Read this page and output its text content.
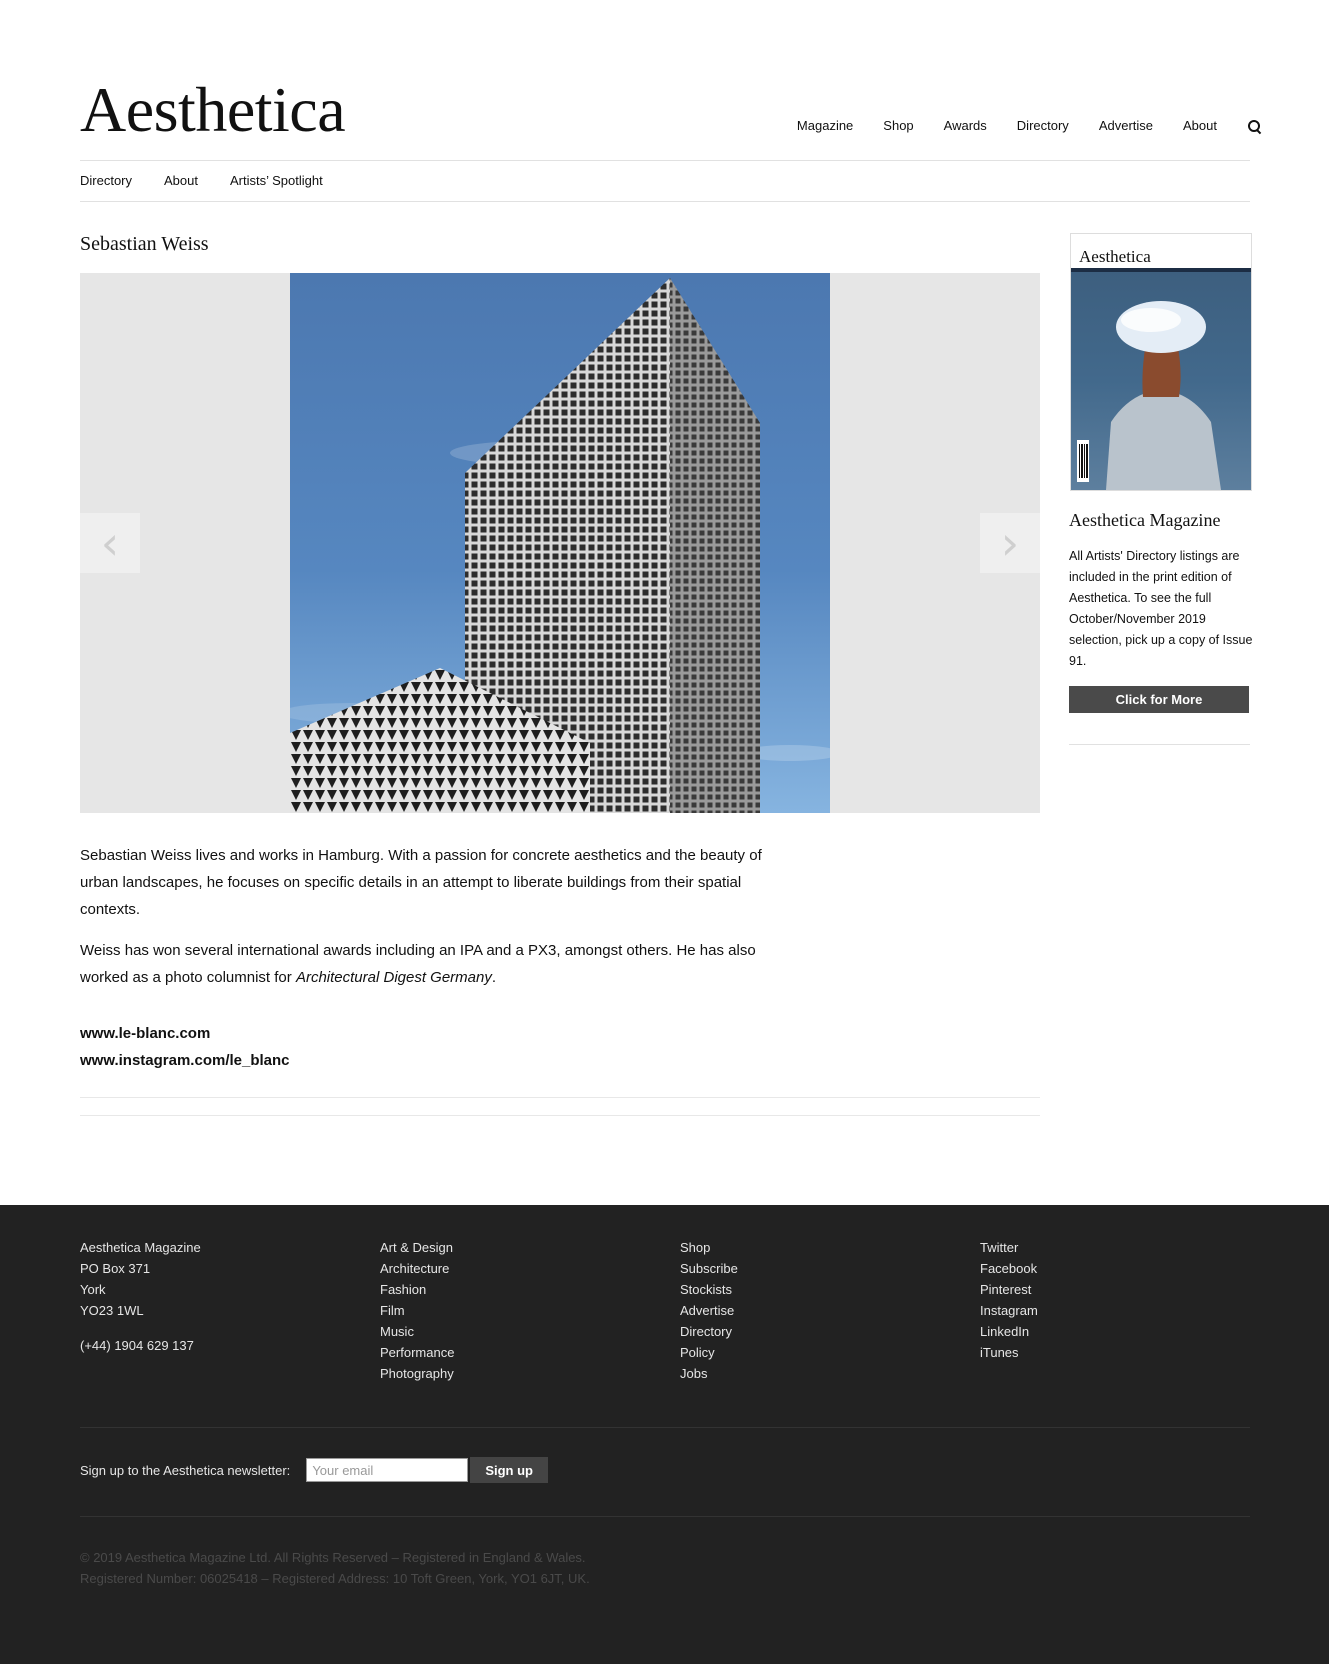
Aesthetica	Magazine Shop Awards Directory Advertise About
Directory About Artists’ Spotlight
Sebastian Weiss
‹	›

Sebastian Weiss lives and works in Hamburg. With a passion for concrete aesthetics and the beauty of urban landscapes, he focuses on specific details in an attempt to liberate buildings from their spatial contexts.

Weiss has won several international awards including an IPA and a PX3, amongst others. He has also worked as a photo columnist for Architectural Digest Germany.

www.le-blanc.com
www.instagram.com/le_blanc
Aesthetica
Aesthetica Magazine
All Artists' Directory listings are included in the print edition of Aesthetica. To see the full October/November 2019 selection, pick up a copy of Issue 91.
Click for More
Aesthetica Magazine
PO Box 371
York
YO23 1WL
(+44) 1904 629 137
Art & Design
Architecture
Fashion
Film
Music
Performance
Photography
Shop
Subscribe
Stockists
Advertise
Directory
Policy
Jobs
Twitter
Facebook
Pinterest
Instagram
LinkedIn
iTunes
Sign up to the Aesthetica newsletter:
Your email	Sign up
© 2019 Aesthetica Magazine Ltd. All Rights Reserved – Registered in England & Wales.
Registered Number: 06025418 – Registered Address: 10 Toft Green, York, YO1 6JT, UK.
